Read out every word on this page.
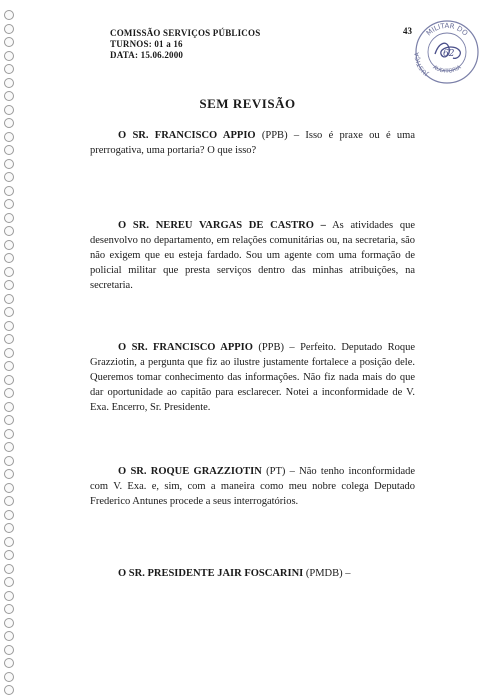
COMISSÃO SERVIÇOS PÚBLICOS
TURNOS: 01 a 16
DATA: 15.06.2000
43 MILITAR DO
JUSTIÇA
AUDITORIA
62
SEM REVISÃO

O SR. FRANCISCO APPIO (PPB) – Isso é praxe ou é uma prerrogativa, uma portaria? O que isso?

O SR. NEREU VARGAS DE CASTRO – As atividades que desenvolvo no departamento, em relações comunitárias ou, na secretaria, são não exigem que eu esteja fardado. Sou um agente com uma formação de policial militar que presta serviços dentro das minhas atribuições, na secretaria.

O SR. FRANCISCO APPIO (PPB) – Perfeito. Deputado Roque Grazziotin, a pergunta que fiz ao ilustre justamente fortalece a posição dele. Queremos tomar conhecimento das informações. Não fiz nada mais do que dar oportunidade ao capitão para esclarecer. Notei a inconformidade de V. Exa. Encerro, Sr. Presidente.

O SR. ROQUE GRAZZIOTIN (PT) – Não tenho inconformidade com V. Exa. e, sim, com a maneira como meu nobre colega Deputado Frederico Antunes procede a seus interrogatórios.

O SR. PRESIDENTE JAIR FOSCARINI (PMDB) –
